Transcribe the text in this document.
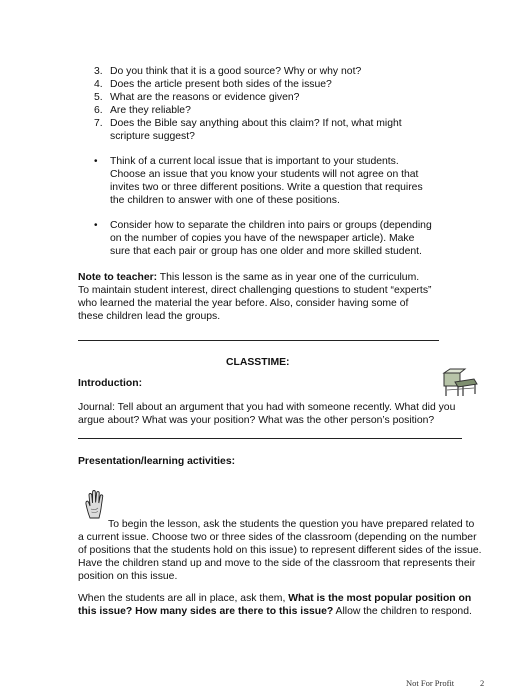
3. Do you think that it is a good source? Why or why not?
4. Does the article present both sides of the issue?
5. What are the reasons or evidence given?
6. Are they reliable?
7. Does the Bible say anything about this claim? If not, what might
scripture suggest?
• Think of a current local issue that is important to your students.
Choose an issue that you know your students will not agree on that
invites two or three different positions. Write a question that requires
the children to answer with one of these positions.
• Consider how to separate the children into pairs or groups (depending
on the number of copies you have of the newspaper article). Make
sure that each pair or group has one older and more skilled student.
Note to teacher: This lesson is the same as in year one of the curriculum.
To maintain student interest, direct challenging questions to student “experts”
who learned the material the year before. Also, consider having some of
these children lead the groups.
CLASSTIME:
Introduction:
Journal: Tell about an argument that you had with someone recently. What did you
argue about? What was your position? What was the other person’s position?
Presentation/learning activities:
To begin the lesson, ask the students the question you have prepared related to
a current issue. Choose two or three sides of the classroom (depending on the number
of positions that the students hold on this issue) to represent different sides of the issue.
Have the children stand up and move to the side of the classroom that represents their
position on this issue.
When the students are all in place, ask them, What is the most popular position on
this issue? How many sides are there to this issue? Allow the children to respond.
Not For Profit	2
